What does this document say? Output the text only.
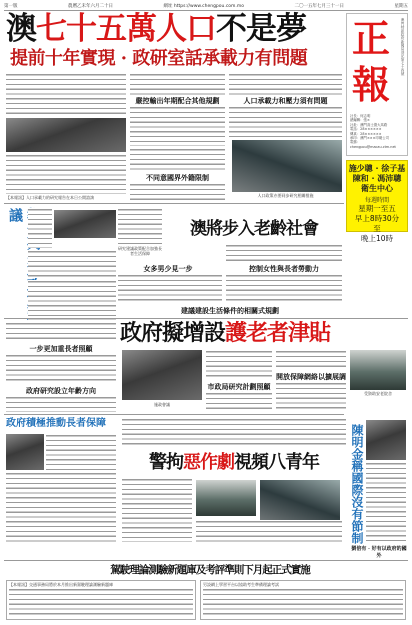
第一版	農曆乙未年六月二十日	網址 https://www.chengpou.com.mo	二〇一五年七月三十一日	星期五
澳七十五萬人口不是夢
提前十年實現 · 政研室話承載力有問題	正報
澳門特區政府新聞局登記第七十四號
社長：何志明
總編輯：張×
社址：澳門高士德大馬路
電話：28××××××
傳真：28××××××
承印：澳門×××印刷公司
電郵：chengpou@macau.ctm.net
施少聰 · 徐子基
陳和 · 馮沛聰
衛生中心
每週時間
星期一至五
早上8時30分
至
晚上10時
嚴控輸出年期配合其他規劃	人口承載力和壓力須有問題
人口政策亦要同步研究相關措施
【本報訊】人口承載力的研究報告在本日公開諮詢
不同意國界外籍限制
項政 議
澳將步入老齡社會
研究建議政策配合加強長者生活保障
女多男少見一步	控制女性與長者勞動力
建議建設生活條件的相關式規劃
政府擬增設護老者津貼
一步更加重長者照顧
政府研究設立年齡方向	市政局研究計劃照顧
受資助安老院舍
開放保障網絡以擴展調
政府積極推動長者保障
施政會議
警拘惡作劇視頻八青年	陳明金稱國際沒有節制
劉倍有 · 好有以政府的國外
駕駛理論測驗新題庫及考評準則下月起正式實施
【本報訊】交通事務局將於本月推出新駕駛理論測驗新題庫	另設網上學習平台以協助考生準備理論考試
